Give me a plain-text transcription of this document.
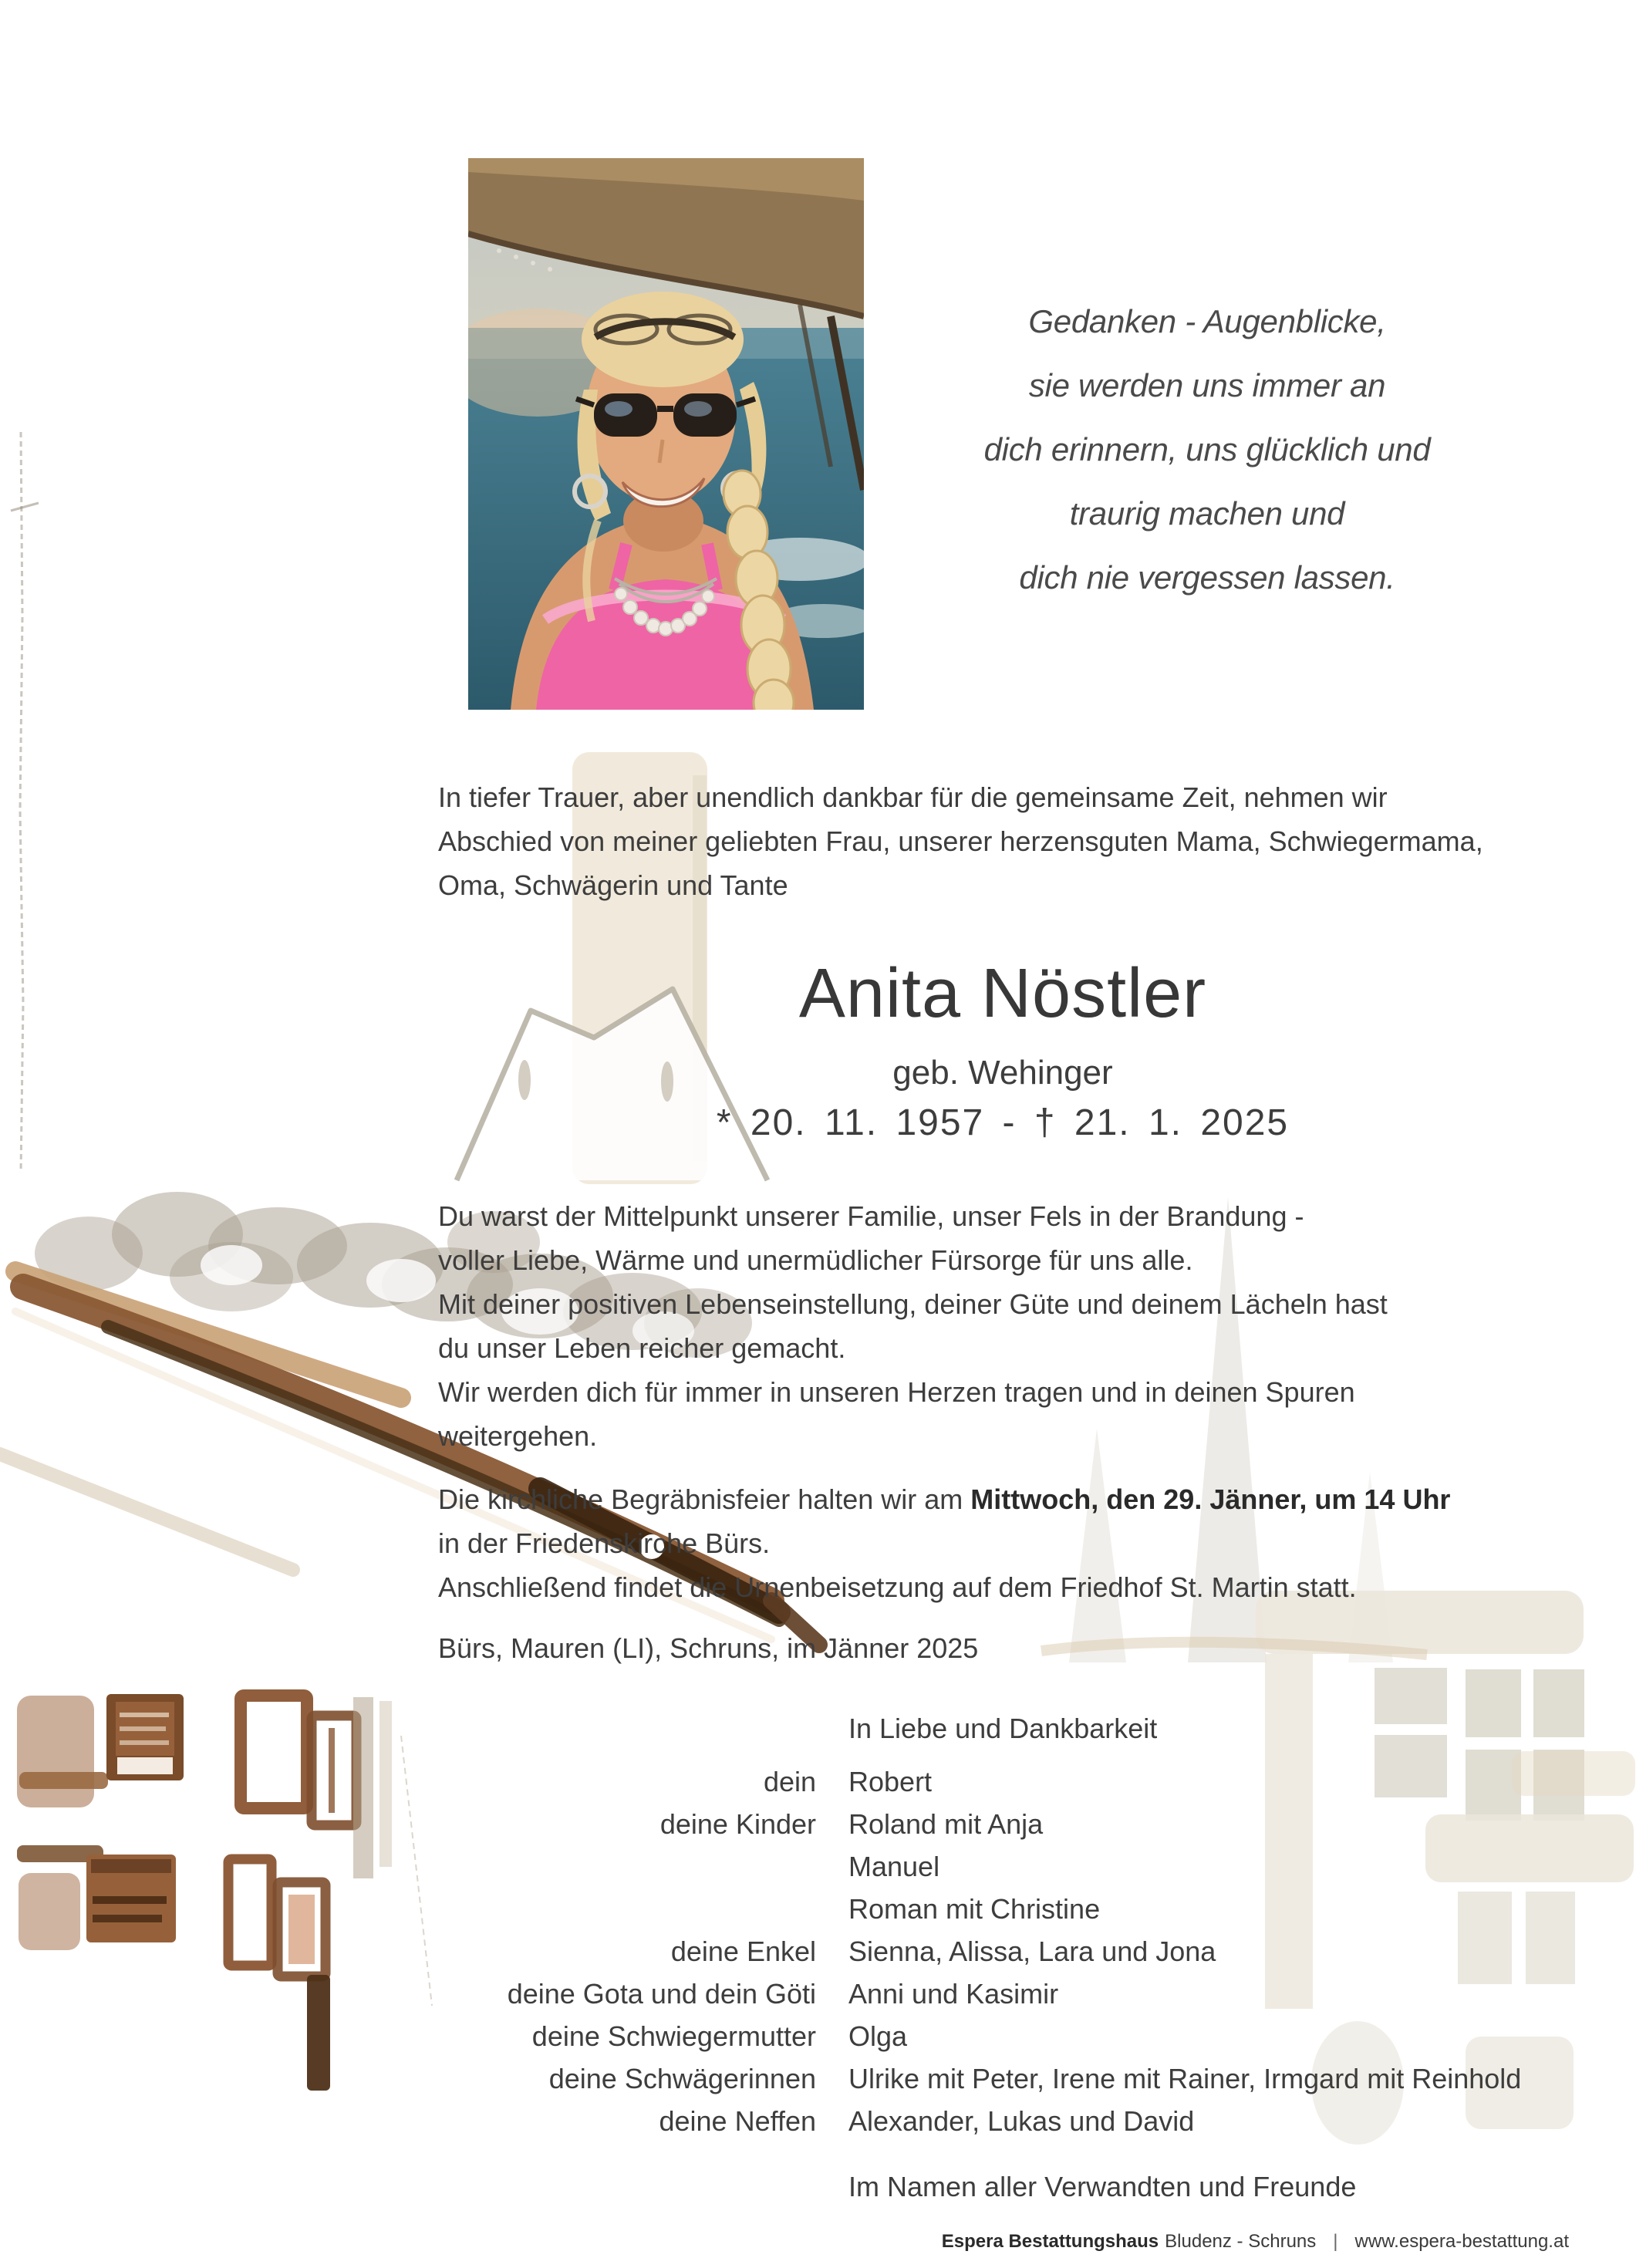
Gedanken - Augenblicke,
sie werden uns immer an
dich erinnern, uns glücklich und
traurig machen und
dich nie vergessen lassen.
In tiefer Trauer, aber unendlich dankbar für die gemeinsame Zeit, nehmen wir
Abschied von meiner geliebten Frau, unserer herzensguten Mama, Schwiegermama,
Oma, Schwägerin und Tante
Anita Nöstler
geb. Wehinger
* 20. 11. 1957 - † 21. 1. 2025
Du warst der Mittelpunkt unserer Familie, unser Fels in der Brandung -
voller Liebe, Wärme und unermüdlicher Fürsorge für uns alle.
Mit deiner positiven Lebenseinstellung, deiner Güte und deinem Lächeln hast
du unser Leben reicher gemacht.
Wir werden dich für immer in unseren Herzen tragen und in deinen Spuren
weitergehen.
Die kirchliche Begräbnisfeier halten wir am Mittwoch, den 29. Jänner, um 14 Uhr
in der Friedenskirche Bürs.
Anschließend findet die Urnenbeisetzung auf dem Friedhof St. Martin statt.
Bürs, Mauren (LI), Schruns, im Jänner 2025
In Liebe und Dankbarkeit
dein Robert
deine Kinder Roland mit Anja
Manuel
Roman mit Christine
deine Enkel Sienna, Alissa, Lara und Jona
deine Gota und dein Göti Anni und Kasimir
deine Schwiegermutter Olga
deine Schwägerinnen Ulrike mit Peter, Irene mit Rainer, Irmgard mit Reinhold
deine Neffen Alexander, Lukas und David
Im Namen aller Verwandten und Freunde
Espera Bestattungshaus Bludenz - Schruns | www.espera-bestattung.at
